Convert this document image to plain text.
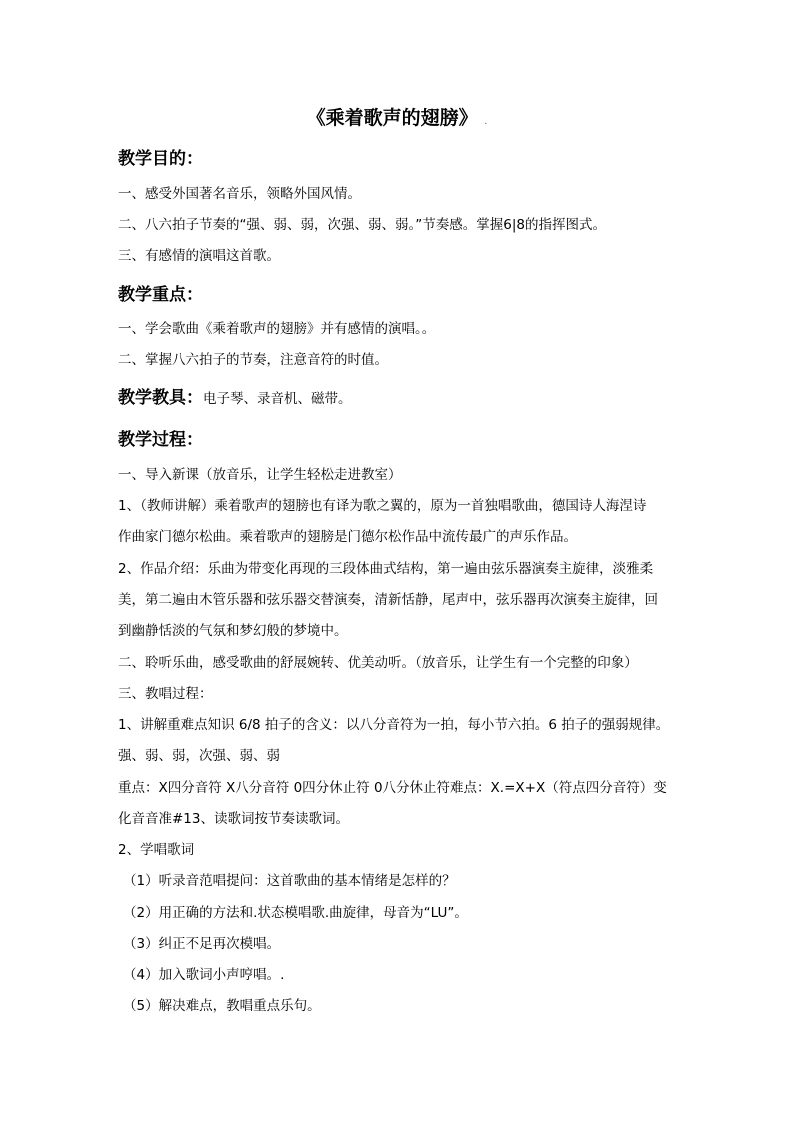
《乘着歌声的翅膀》 .
教学目的：
一、感受外国著名音乐，领略外国风情。
二、八六拍子节奏的“强、弱、弱，次强、弱、弱。”节奏感。掌握6|8的指挥图式。
三、有感情的演唱这首歌。
教学重点：
一、学会歌曲《乘着歌声的翅膀》并有感情的演唱。。
二、掌握八六拍子的节奏，注意音符的时值。
教学教具：电子琴、录音机、磁带。
教学过程：
一、导入新课（放音乐，让学生轻松走进教室）
1、（教师讲解）乘着歌声的翅膀也有译为歌之翼的，原为一首独唱歌曲，德国诗人海涅诗
作曲家门德尔松曲。乘着歌声的翅膀是门德尔松作品中流传最广的声乐作品。
2、作品介绍：乐曲为带变化再现的三段体曲式结构，第一遍由弦乐器演奏主旋律，淡雅柔
美，第二遍由木管乐器和弦乐器交替演奏，清新恬静，尾声中，弦乐器再次演奏主旋律，回
到幽静恬淡的气氛和梦幻般的梦境中。
二、聆听乐曲，感受歌曲的舒展婉转、优美动听。（放音乐，让学生有一个完整的印象）
三、教唱过程：
1、讲解重难点知识 6/8 拍子的含义：以八分音符为一拍，每小节六拍。6 拍子的强弱规律。
强、弱、弱，次强、弱、弱
重点：X四分音符 X八分音符 0四分休止符 0八分休止符难点：X.=X+X（符点四分音符）变
化音音准#13、读歌词按节奏读歌词。
2、学唱歌词
（1）听录音范唱提问：这首歌曲的基本情绪是怎样的？
（2）用正确的方法和.状态模唱歌.曲旋律，母音为“LU”。
（3）纠正不足再次模唱。
（4）加入歌词小声哼唱。.
（5）解决难点，教唱重点乐句。
